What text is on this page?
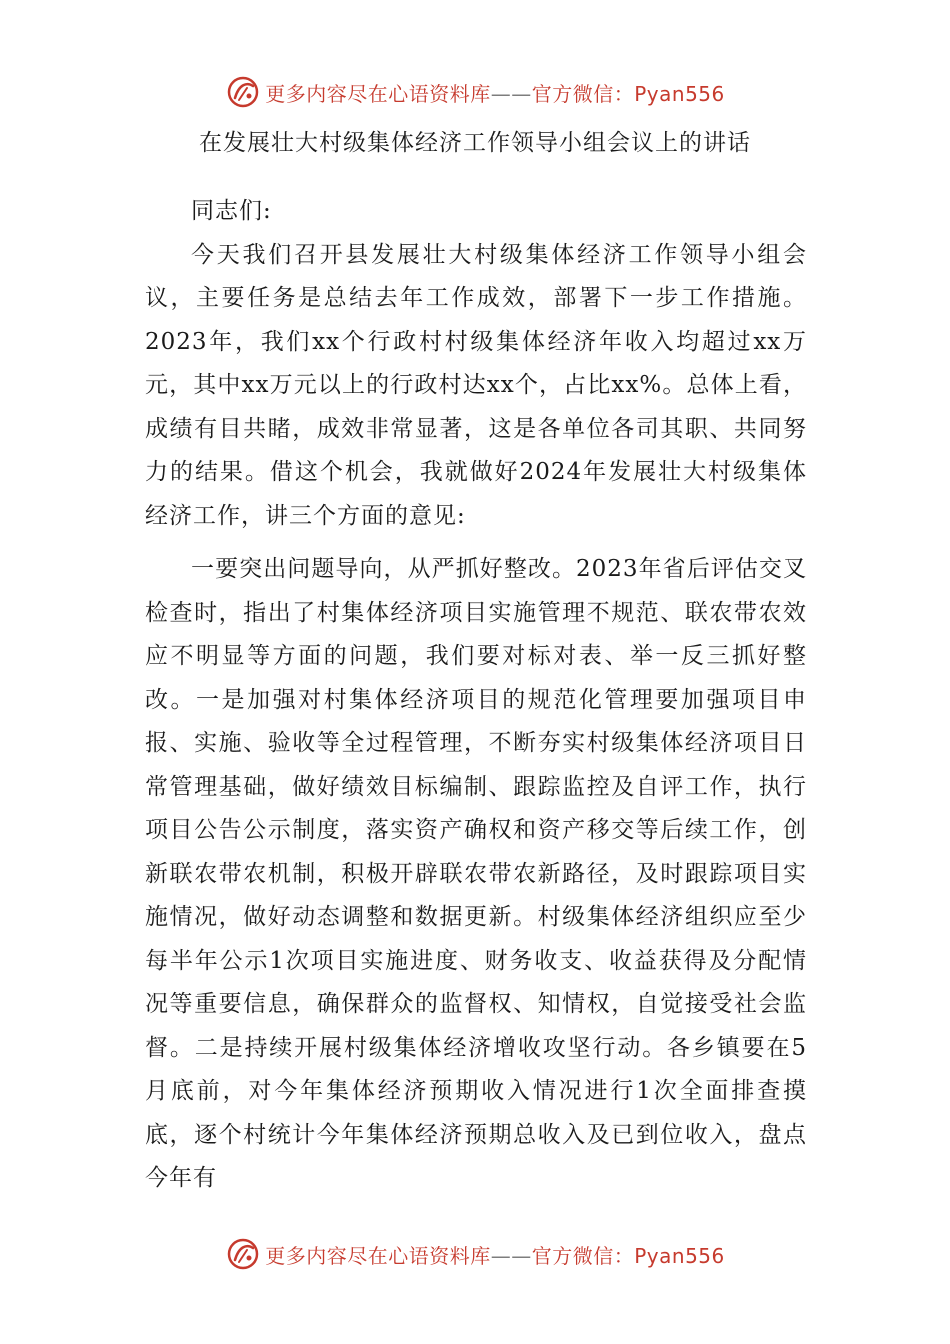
更多内容尽在心语资料库——官方微信：Pyan556
在发展壮大村级集体经济工作领导小组会议上的讲话

同志们:

今天我们召开县发展壮大村级集体经济工作领导小组会议，主要任务是总结去年工作成效，部署下一步工作措施。2023年，我们xx个行政村村级集体经济年收入均超过xx万元，其中xx万元以上的行政村达xx个，占比xx%。总体上看，成绩有目共睹，成效非常显著，这是各单位各司其职、共同努力的结果。借这个机会，我就做好2024年发展壮大村级集体经济工作，讲三个方面的意见:

一要突出问题导向，从严抓好整改。2023年省后评估交叉检查时，指出了村集体经济项目实施管理不规范、联农带农效应不明显等方面的问题，我们要对标对表、举一反三抓好整改。一是加强对村集体经济项目的规范化管理要加强项目申报、实施、验收等全过程管理，不断夯实村级集体经济项目日常管理基础，做好绩效目标编制、跟踪监控及自评工作，执行项目公告公示制度，落实资产确权和资产移交等后续工作，创新联农带农机制，积极开辟联农带农新路径，及时跟踪项目实施情况，做好动态调整和数据更新。村级集体经济组织应至少每半年公示1次项目实施进度、财务收支、收益获得及分配情况等重要信息，确保群众的监督权、知情权，自觉接受社会监督。二是持续开展村级集体经济增收攻坚行动。各乡镇要在5月底前，对今年集体经济预期收入情况进行1次全面排查摸底，逐个村统计今年集体经济预期总收入及已到位收入，盘点今年有

更多内容尽在心语资料库——官方微信：Pyan556
